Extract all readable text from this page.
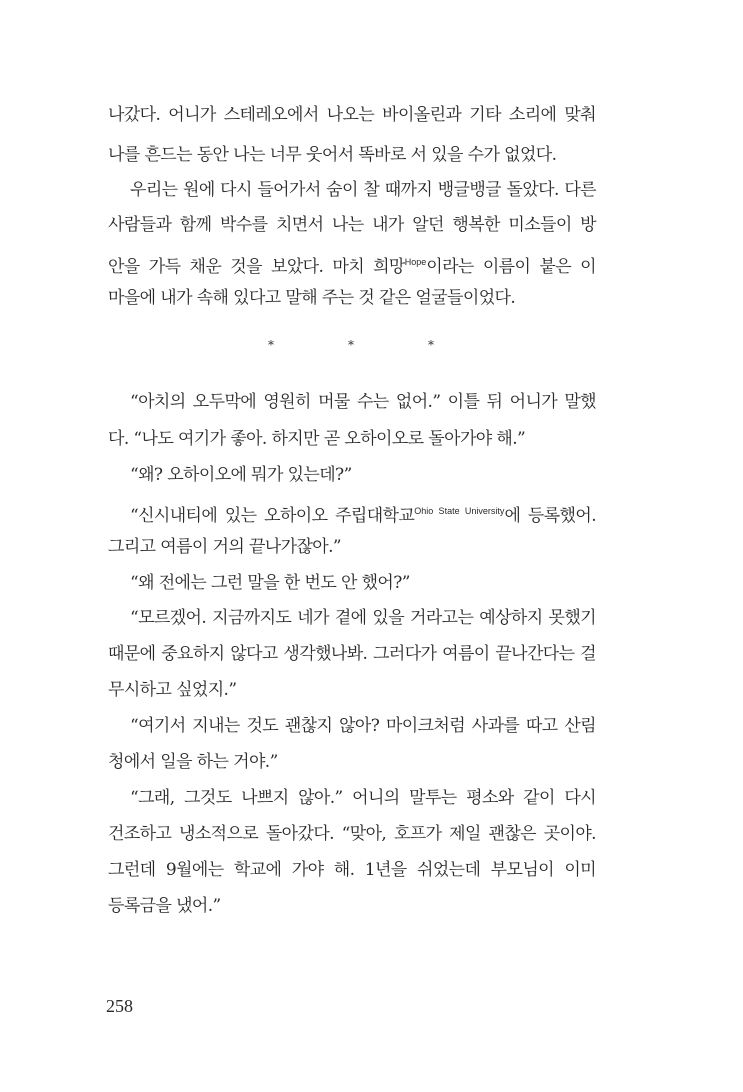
나갔다. 어니가 스테레오에서 나오는 바이올린과 기타 소리에 맞춰
나를 흔드는 동안 나는 너무 웃어서 똑바로 서 있을 수가 없었다.
우리는 원에 다시 들어가서 숨이 찰 때까지 뱅글뱅글 돌았다. 다른
사람들과 함께 박수를 치면서 나는 내가 알던 행복한 미소들이 방
안을 가득 채운 것을 보았다. 마치 희망$^{Hope}$이라는 이름이 붙은 이
마을에 내가 속해 있다고 말해 주는 것 같은 얼굴들이었다.
*	*	*
“아치의 오두막에 영원히 머물 수는 없어.” 이틀 뒤 어니가 말했
다. “나도 여기가 좋아. 하지만 곧 오하이오로 돌아가야 해.”
“왜? 오하이오에 뭐가 있는데?”
“신시내티에 있는 오하이오 주립대학교$^{Ohio State University}$에 등록했어.
그리고 여름이 거의 끝나가잖아.”
“왜 전에는 그런 말을 한 번도 안 했어?”
“모르겠어. 지금까지도 네가 곁에 있을 거라고는 예상하지 못했기
때문에 중요하지 않다고 생각했나봐. 그러다가 여름이 끝나간다는 걸
무시하고 싶었지.”
“여기서 지내는 것도 괜찮지 않아? 마이크처럼 사과를 따고 산림
청에서 일을 하는 거야.”
“그래, 그것도 나쁘지 않아.” 어니의 말투는 평소와 같이 다시
건조하고 냉소적으로 돌아갔다. “맞아, 호프가 제일 괜찮은 곳이야.
그런데 9월에는 학교에 가야 해. 1년을 쉬었는데 부모님이 이미
등록금을 냈어.”
258
